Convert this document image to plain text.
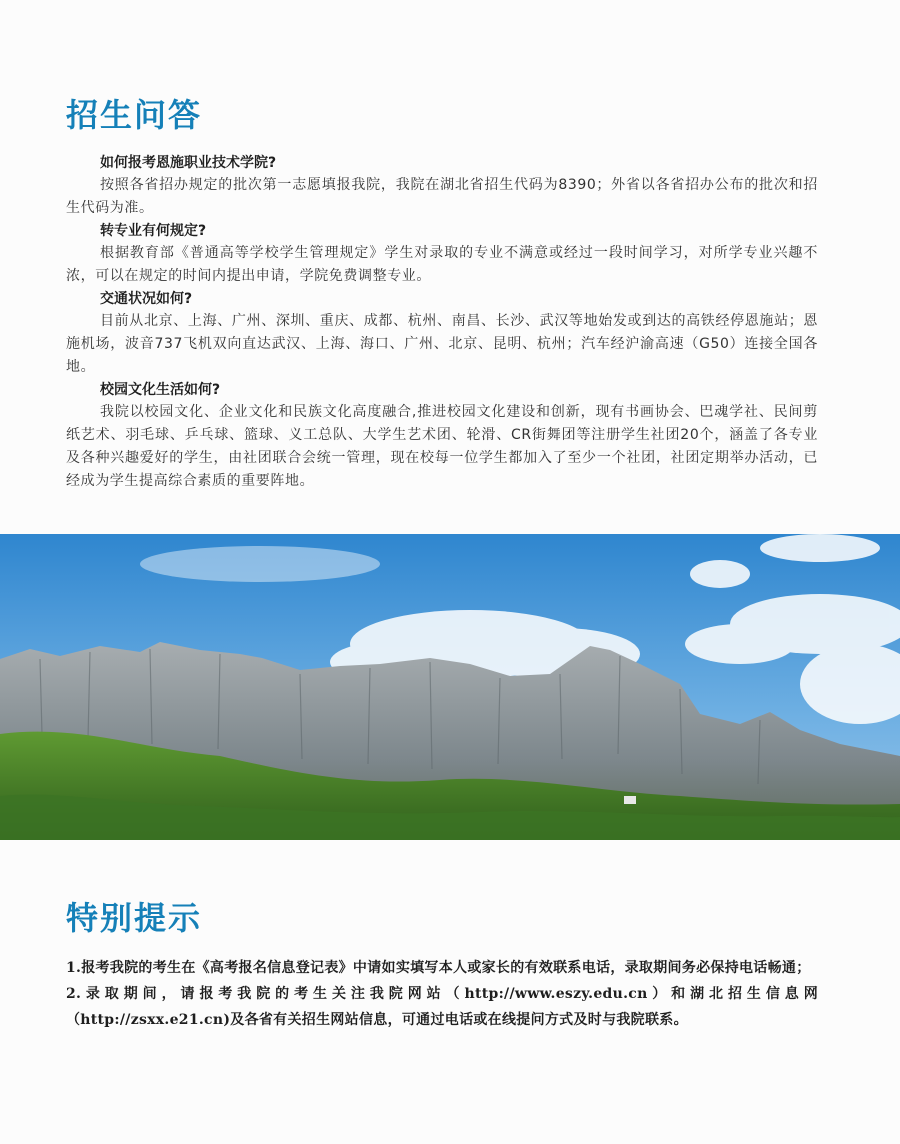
招生问答

如何报考恩施职业技术学院?

按照各省招办规定的批次第一志愿填报我院，我院在湖北省招生代码为8390；外省以各省招办公布的批次和招生代码为准。

转专业有何规定?

根据教育部《普通高等学校学生管理规定》学生对录取的专业不满意或经过一段时间学习，对所学专业兴趣不浓，可以在规定的时间内提出申请，学院免费调整专业。

交通状况如何?

目前从北京、上海、广州、深圳、重庆、成都、杭州、南昌、长沙、武汉等地始发或到达的高铁经停恩施站；恩施机场，波音737飞机双向直达武汉、上海、海口、广州、北京、昆明、杭州；汽车经沪渝高速（G50）连接全国各地。

校园文化生活如何?

我院以校园文化、企业文化和民族文化高度融合,推进校园文化建设和创新，现有书画协会、巴魂学社、民间剪纸艺术、羽毛球、乒乓球、篮球、义工总队、大学生艺术团、轮滑、CR街舞团等注册学生社团20个，涵盖了各专业及各种兴趣爱好的学生，由社团联合会统一管理，现在校每一位学生都加入了至少一个社团，社团定期举办活动，已经成为学生提高综合素质的重要阵地。

特别提示

1.报考我院的考生在《高考报名信息登记表》中请如实填写本人或家长的有效联系电话，录取期间务必保持电话畅通；

2.录取期间，请报考我院的考生关注我院网站（http://www.eszy.edu.cn）和湖北招生信息网（http://zsxx.e21.cn)及各省有关招生网站信息，可通过电话或在线提问方式及时与我院联系。
